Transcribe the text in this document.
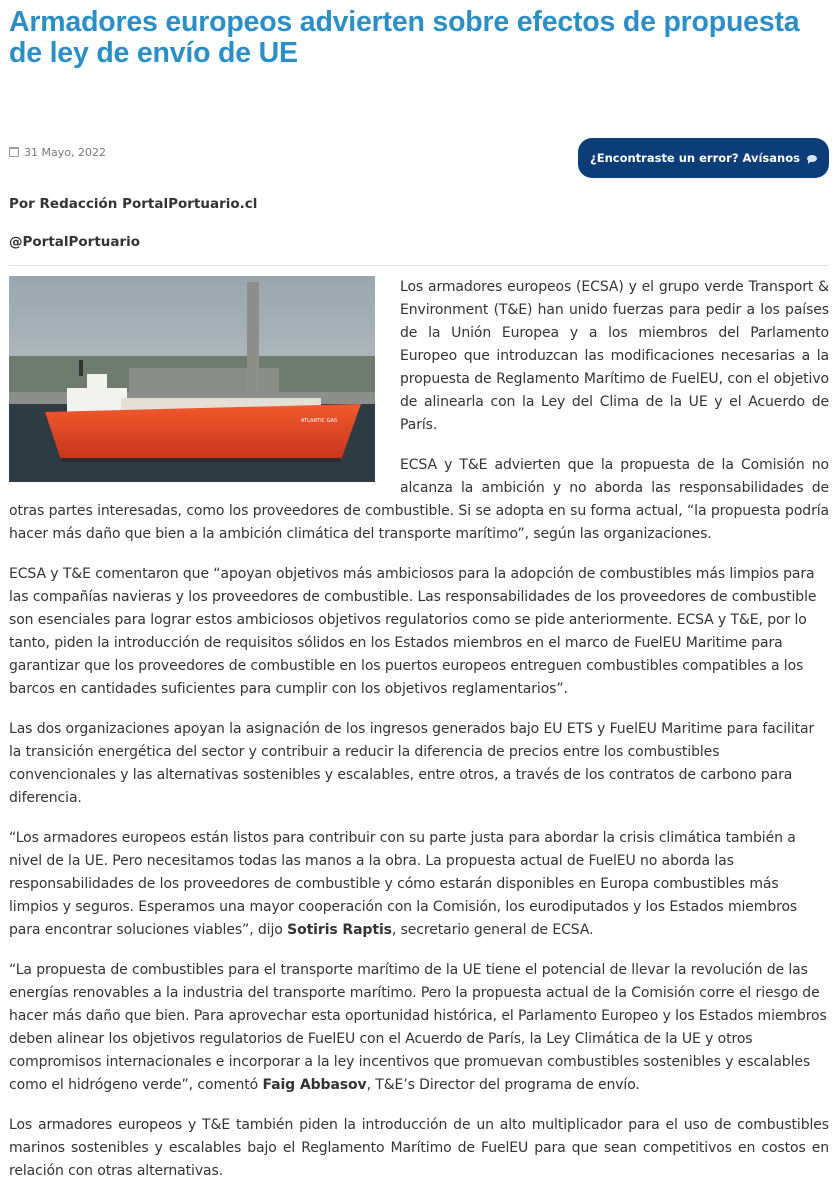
Armadores europeos advierten sobre efectos de propuesta de ley de envío de UE
31 Mayo, 2022	¿Encontraste un error? Avísanos
Por Redacción PortalPortuario.cl
@PortalPortuario
ATLANTIC GAS

Los armadores europeos (ECSA) y el grupo verde Transport & Environment (T&E) han unido fuerzas para pedir a los países de la Unión Europea y a los miembros del Parlamento Europeo que introduzcan las modificaciones necesarias a la propuesta de Reglamento Marítimo de FuelEU, con el objetivo de alinearla con la Ley del Clima de la UE y el Acuerdo de París.

ECSA y T&E advierten que la propuesta de la Comisión no alcanza la ambición y no aborda las responsabilidades de otras partes interesadas, como los proveedores de combustible. Si se adopta en su forma actual, “la propuesta podría hacer más daño que bien a la ambición climática del transporte marítimo”, según las organizaciones.

ECSA y T&E comentaron que “apoyan objetivos más ambiciosos para la adopción de combustibles más limpios para las compañías navieras y los proveedores de combustible. Las responsabilidades de los proveedores de combustible son esenciales para lograr estos ambiciosos objetivos regulatorios como se pide anteriormente. ECSA y T&E, por lo tanto, piden la introducción de requisitos sólidos en los Estados miembros en el marco de FuelEU Maritime para garantizar que los proveedores de combustible en los puertos europeos entreguen combustibles compatibles a los barcos en cantidades suficientes para cumplir con los objetivos reglamentarios”.

Las dos organizaciones apoyan la asignación de los ingresos generados bajo EU ETS y FuelEU Maritime para facilitar la transición energética del sector y contribuir a reducir la diferencia de precios entre los combustibles convencionales y las alternativas sostenibles y escalables, entre otros, a través de los contratos de carbono para diferencia.

“Los armadores europeos están listos para contribuir con su parte justa para abordar la crisis climática también a nivel de la UE. Pero necesitamos todas las manos a la obra. La propuesta actual de FuelEU no aborda las responsabilidades de los proveedores de combustible y cómo estarán disponibles en Europa combustibles más limpios y seguros. Esperamos una mayor cooperación con la Comisión, los eurodiputados y los Estados miembros para encontrar soluciones viables”, dijo Sotiris Raptis, secretario general de ECSA.

“La propuesta de combustibles para el transporte marítimo de la UE tiene el potencial de llevar la revolución de las energías renovables a la industria del transporte marítimo. Pero la propuesta actual de la Comisión corre el riesgo de hacer más daño que bien. Para aprovechar esta oportunidad histórica, el Parlamento Europeo y los Estados miembros deben alinear los objetivos regulatorios de FuelEU con el Acuerdo de París, la Ley Climática de la UE y otros compromisos internacionales e incorporar a la ley incentivos que promuevan combustibles sostenibles y escalables como el hidrógeno verde”, comentó Faig Abbasov, T&E’s Director del programa de envío.

Los armadores europeos y T&E también piden la introducción de un alto multiplicador para el uso de combustibles marinos sostenibles y escalables bajo el Reglamento Marítimo de FuelEU para que sean competitivos en costos en relación con otras alternativas.
